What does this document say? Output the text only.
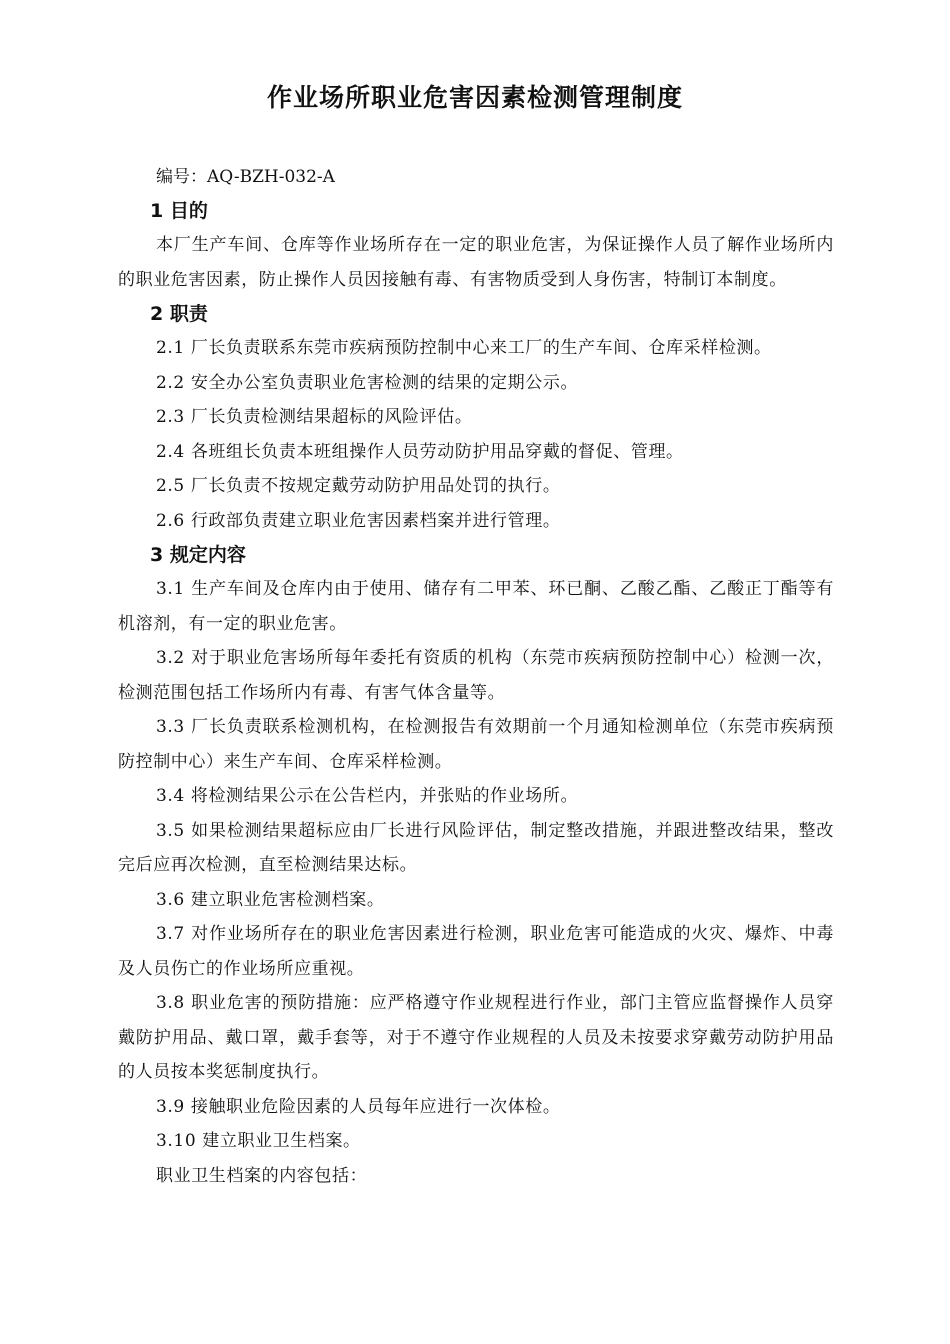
作业场所职业危害因素检测管理制度
编号：AQ-BZH-032-A
1 目的

本厂生产车间、仓库等作业场所存在一定的职业危害，为保证操作人员了解作业场所内的职业危害因素，防止操作人员因接触有毒、有害物质受到人身伤害，特制订本制度。

2 职责

2.1 厂长负责联系东莞市疾病预防控制中心来工厂的生产车间、仓库采样检测。

2.2 安全办公室负责职业危害检测的结果的定期公示。

2.3 厂长负责检测结果超标的风险评估。

2.4 各班组长负责本班组操作人员劳动防护用品穿戴的督促、管理。

2.5 厂长负责不按规定戴劳动防护用品处罚的执行。

2.6 行政部负责建立职业危害因素档案并进行管理。

3 规定内容

3.1 生产车间及仓库内由于使用、储存有二甲苯、环已酮、乙酸乙酯、乙酸正丁酯等有机溶剂，有一定的职业危害。

3.2 对于职业危害场所每年委托有资质的机构（东莞市疾病预防控制中心）检测一次，检测范围包括工作场所内有毒、有害气体含量等。

3.3 厂长负责联系检测机构，在检测报告有效期前一个月通知检测单位（东莞市疾病预防控制中心）来生产车间、仓库采样检测。

3.4 将检测结果公示在公告栏内，并张贴的作业场所。

3.5 如果检测结果超标应由厂长进行风险评估，制定整改措施，并跟进整改结果，整改完后应再次检测，直至检测结果达标。

3.6 建立职业危害检测档案。

3.7 对作业场所存在的职业危害因素进行检测，职业危害可能造成的火灾、爆炸、中毒及人员伤亡的作业场所应重视。

3.8 职业危害的预防措施：应严格遵守作业规程进行作业，部门主管应监督操作人员穿戴防护用品、戴口罩，戴手套等，对于不遵守作业规程的人员及未按要求穿戴劳动防护用品的人员按本奖惩制度执行。

3.9 接触职业危险因素的人员每年应进行一次体检。

3.10 建立职业卫生档案。

职业卫生档案的内容包括：
